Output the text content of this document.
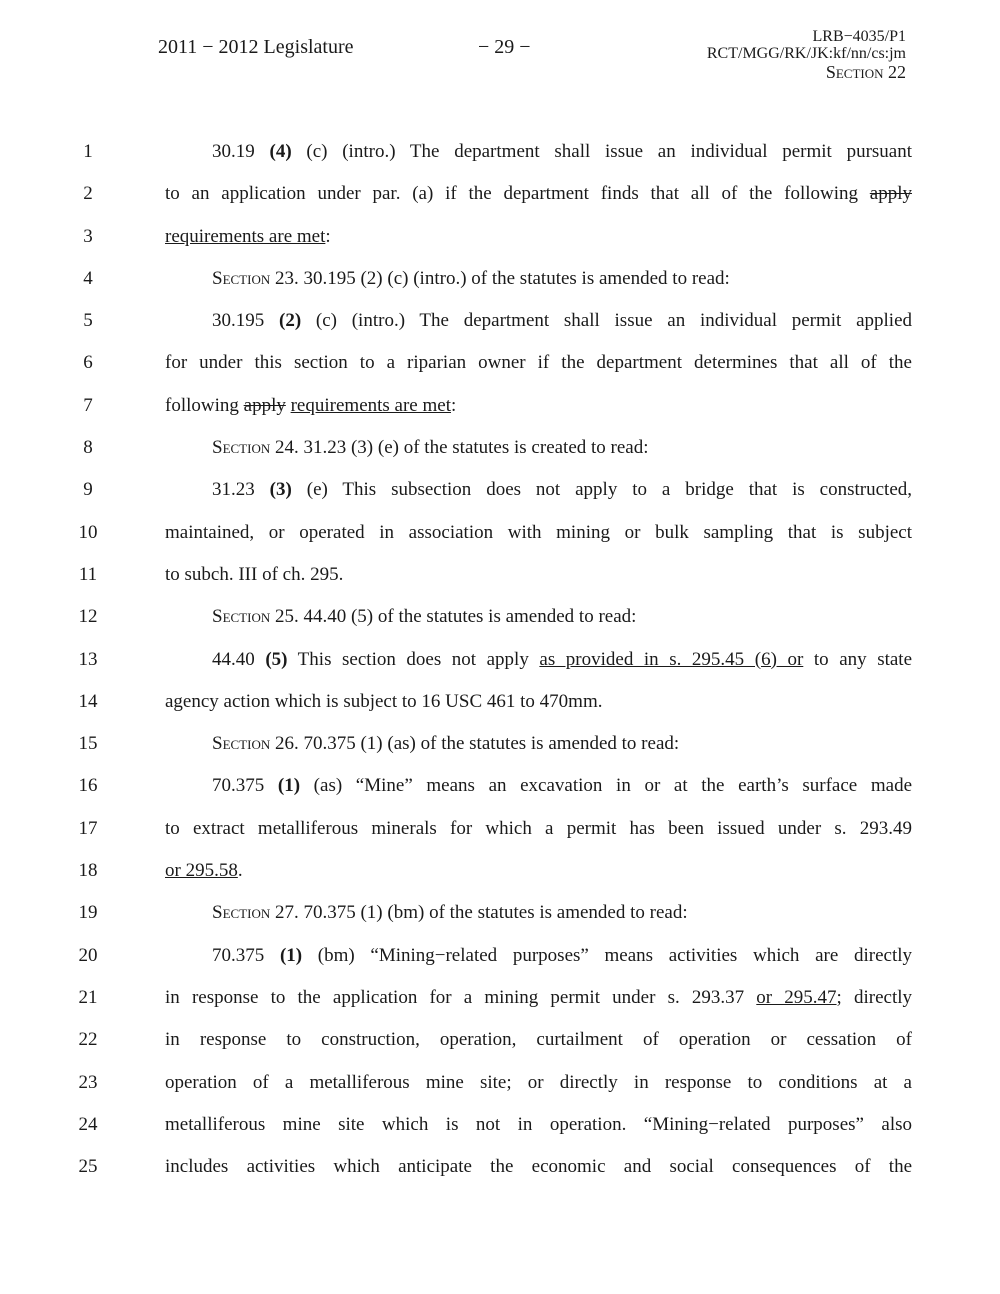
2011 − 2012 Legislature	− 29 −	LRB−4035/P1
RCT/MGG/RK/JK:kf/nn/cs:jm
Section 22
1	30.19 (4) (c) (intro.) The department shall issue an individual permit pursuant
2	to an application under par. (a) if the department finds that all of the following apply
3	requirements are met:
4	Section 23. 30.195 (2) (c) (intro.) of the statutes is amended to read:
5	30.195 (2) (c) (intro.) The department shall issue an individual permit applied
6	for under this section to a riparian owner if the department determines that all of the
7	following apply requirements are met:
8	Section 24. 31.23 (3) (e) of the statutes is created to read:
9	31.23 (3) (e) This subsection does not apply to a bridge that is constructed,
10	maintained, or operated in association with mining or bulk sampling that is subject
11	to subch. III of ch. 295.
12	Section 25. 44.40 (5) of the statutes is amended to read:
13	44.40 (5) This section does not apply as provided in s. 295.45 (6) or to any state
14	agency action which is subject to 16 USC 461 to 470mm.
15	Section 26. 70.375 (1) (as) of the statutes is amended to read:
16	70.375 (1) (as) “Mine” means an excavation in or at the earth’s surface made
17	to extract metalliferous minerals for which a permit has been issued under s. 293.49
18	or 295.58.
19	Section 27. 70.375 (1) (bm) of the statutes is amended to read:
20	70.375 (1) (bm) “Mining−related purposes” means activities which are directly
21	in response to the application for a mining permit under s. 293.37 or 295.47; directly
22	in response to construction, operation, curtailment of operation or cessation of
23	operation of a metalliferous mine site; or directly in response to conditions at a
24	metalliferous mine site which is not in operation. “Mining−related purposes” also
25	includes activities which anticipate the economic and social consequences of the
